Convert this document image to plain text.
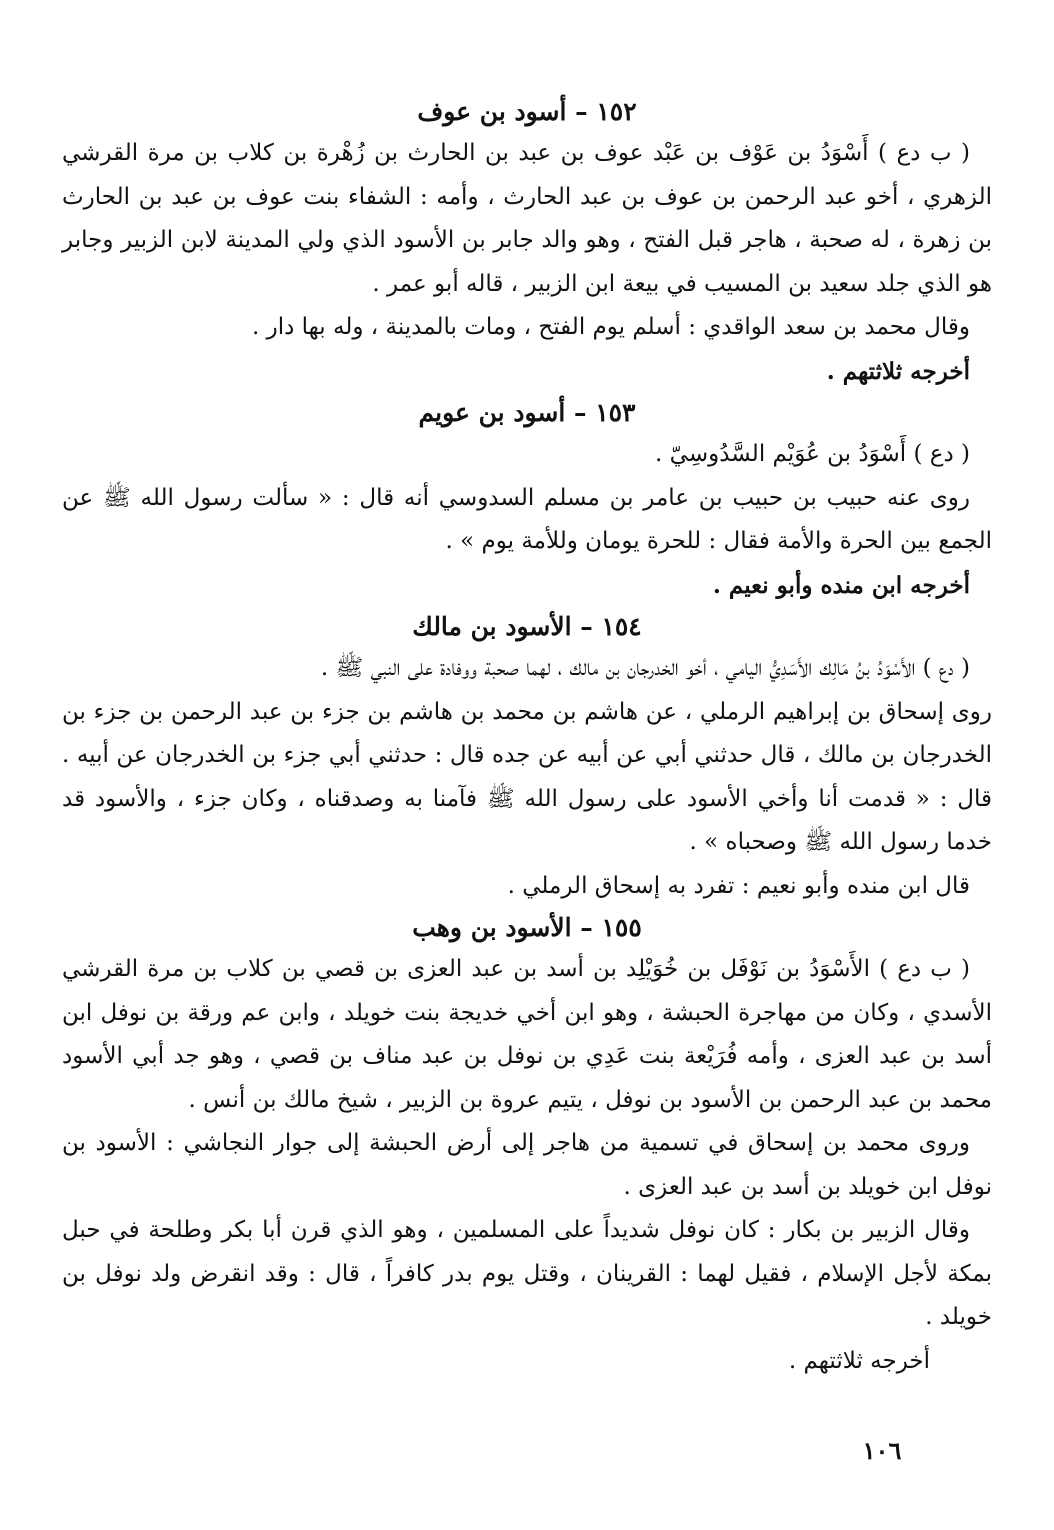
١٥٢ – أسود بن عوف

( ب دع ) أَسْوَدُ بن عَوْف بن عَبْد عوف بن عبد بن الحارث بن زُهْرة بن كلاب بن مرة القرشي الزهري ، أخو عبد الرحمن بن عوف بن عبد الحارث ، وأمه : الشفاء بنت عوف بن عبد بن الحارث بن زهرة ، له صحبة ، هاجر قبل الفتح ، وهو والد جابر بن الأسود الذي ولي المدينة لابن الزبير وجابر هو الذي جلد سعيد بن المسيب في بيعة ابن الزبير ، قاله أبو عمر .

وقال محمد بن سعد الواقدي : أسلم يوم الفتح ، ومات بالمدينة ، وله بها دار .

أخرجه ثلاثتهم .

١٥٣ – أسود بن عويم

( دع ) أَسْوَدُ بن عُوَيْم السَّدُوسِيّ .

روى عنه حبيب بن حبيب بن عامر بن مسلم السدوسي أنه قال : « سألت رسول الله ﷺ عن الجمع بين الحرة والأمة فقال : للحرة يومان وللأمة يوم » .

أخرجه ابن منده وأبو نعيم .

١٥٤ – الأسود بن مالك

( دع ) الأَسْوَدُ بنُ مَالِك الأَسَدِيُّ اليامي ، أخو الخدرجان بن مالك ، لهما صحبة ووفادة على النبي ﷺ .

روى إسحاق بن إبراهيم الرملي ، عن هاشم بن محمد بن هاشم بن جزء بن عبد الرحمن بن جزء بن الخدرجان بن مالك ، قال حدثني أبي عن أبيه عن جده قال : حدثني أبي جزء بن الخدرجان عن أبيه . قال : « قدمت أنا وأخي الأسود على رسول الله ﷺ فآمنا به وصدقناه ، وكان جزء ، والأسود قد خدما رسول الله ﷺ وصحباه » .

قال ابن منده وأبو نعيم : تفرد به إسحاق الرملي .

١٥٥ – الأسود بن وهب

( ب دع ) الأَسْوَدُ بن نَوْفَل بن خُوَيْلِد بن أسد بن عبد العزى بن قصي بن كلاب بن مرة القرشي الأسدي ، وكان من مهاجرة الحبشة ، وهو ابن أخي خديجة بنت خويلد ، وابن عم ورقة بن نوفل ابن أسد بن عبد العزى ، وأمه فُرَيْعة بنت عَدِي بن نوفل بن عبد مناف بن قصي ، وهو جد أبي الأسود محمد بن عبد الرحمن بن الأسود بن نوفل ، يتيم عروة بن الزبير ، شيخ مالك بن أنس .

وروى محمد بن إسحاق في تسمية من هاجر إلى أرض الحبشة إلى جوار النجاشي : الأسود بن نوفل ابن خويلد بن أسد بن عبد العزى .

وقال الزبير بن بكار : كان نوفل شديداً على المسلمين ، وهو الذي قرن أبا بكر وطلحة في حبل بمكة لأجل الإسلام ، فقيل لهما : القرينان ، وقتل يوم بدر كافراً ، قال : وقد انقرض ولد نوفل بن خويلد .

أخرجه ثلاثتهم .

١٠٦
